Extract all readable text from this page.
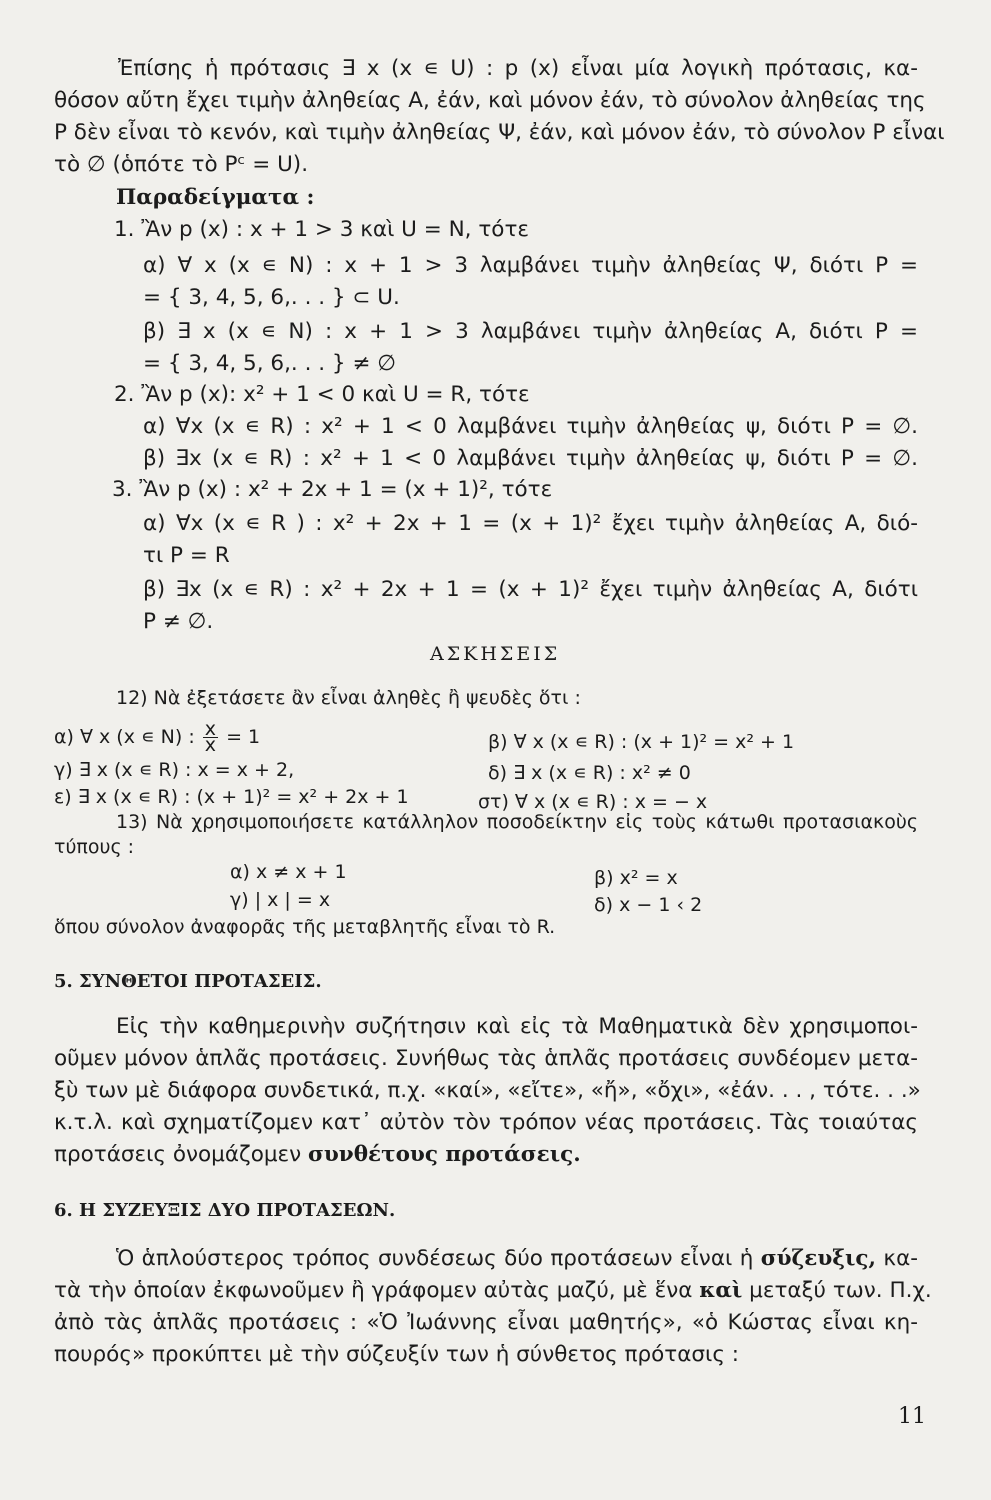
Ἐπίσης ἡ πρότασις ∃ x (x ∊ U) : p (x) εἶναι μία λογικὴ πρότασις, κα-
θόσον αὔτη ἔχει τιμὴν ἀληθείας Α, ἐάν, καὶ μόνον ἐάν, τὸ σύνολον ἀληθείας της
Ρ δὲν εἶναι τὸ κενόν, καὶ τιμὴν ἀληθείας Ψ, ἐάν, καὶ μόνον ἐάν, τὸ σύνολον Ρ εἶναι
τὸ ∅ (ὁπότε τὸ Pᶜ = U).
Παραδείγματα :
1. Ἂν p (x) : x + 1 > 3 καὶ U = N, τότε
α) ∀ x (x ∊ N) : x + 1 > 3 λαμβάνει τιμὴν ἀληθείας Ψ, διότι Ρ =
= { 3, 4, 5, 6,. . . } ⊂ U.
β) ∃ x (x ∊ N) : x + 1 > 3 λαμβάνει τιμὴν ἀληθείας Α, διότι Ρ =
= { 3, 4, 5, 6,. . . } ≠ ∅
2. Ἂν p (x): x² + 1 < 0 καὶ U = R, τότε
α) ∀x (x ∊ R) : x² + 1 < 0 λαμβάνει τιμὴν ἀληθείας ψ, διότι Ρ = ∅.
β) ∃x (x ∊ R) : x² + 1 < 0 λαμβάνει τιμὴν ἀληθείας ψ, διότι Ρ = ∅.
3. Ἂν p (x) : x² + 2x + 1 = (x + 1)², τότε
α) ∀x (x ∊ R ) : x² + 2x + 1 = (x + 1)² ἔχει τιμὴν ἀληθείας Α, διό-
τι Ρ = R
β) ∃x (x ∊ R) : x² + 2x + 1 = (x + 1)² ἔχει τιμὴν ἀληθείας Α, διότι
Ρ ≠ ∅.
ΑΣΚΗΣΕΙΣ
12) Νὰ ἐξετάσετε ἂν εἶναι ἀληθὲς ἢ ψευδὲς ὅτι :
α) ∀ x (x ∊ N) : $\frac{x}{x} = 1$	β) ∀ x (x ∊ R) : (x + 1)² = x² + 1
γ) ∃ x (x ∊ R) : x = x + 2,	δ) ∃ x (x ∊ R) : x² ≠ 0
ε) ∃ x (x ∊ R) : (x + 1)² = x² + 2x + 1	στ) ∀ x (x ∊ R) : x = − x
13) Νὰ χρησιμοποιήσετε κατάλληλον ποσοδείκτην εἰς τοὺς κάτωθι προτασιακοὺς
τύπους :
α) x ≠ x + 1	β) x² = x
γ) | x | = x	δ) x − 1 ‹ 2
ὅπου σύνολον ἀναφορᾶς τῆς μεταβλητῆς εἶναι τὸ R.
5. ΣΥΝΘΕΤΟΙ ΠΡΟΤΑΣΕΙΣ.
Εἰς τὴν καθημερινὴν συζήτησιν καὶ εἰς τὰ Μαθηματικὰ δὲν χρησιμοποι-
οῦμεν μόνον ἁπλᾶς προτάσεις. Συνήθως τὰς ἁπλᾶς προτάσεις συνδέομεν μετα-
ξὺ των μὲ διάφορα συνδετικά, π.χ. «καί», «εἴτε», «ἤ», «ὄχι», «ἐάν. . . , τότε. . .»
κ.τ.λ. καὶ σχηματίζομεν κατ᾽ αὐτὸν τὸν τρόπον νέας προτάσεις. Τὰς τοιαύτας
προτάσεις ὀνομάζομεν συνθέτους προτάσεις.
6. Η ΣΥΖΕΥΞΙΣ ΔΥΟ ΠΡΟΤΑΣΕΩΝ.
Ὁ ἁπλούστερος τρόπος συνδέσεως δύο προτάσεων εἶναι ἡ σύζευξις, κα-
τὰ τὴν ὁποίαν ἐκφωνοῦμεν ἢ γράφομεν αὐτὰς μαζύ, μὲ ἕνα καὶ μεταξύ των. Π.χ.
ἀπὸ τὰς ἁπλᾶς προτάσεις : «Ὁ Ἰωάννης εἶναι μαθητής», «ὁ Κώστας εἶναι κη-
πουρός» προκύπτει μὲ τὴν σύζευξίν των ἡ σύνθετος πρότασις :
11
